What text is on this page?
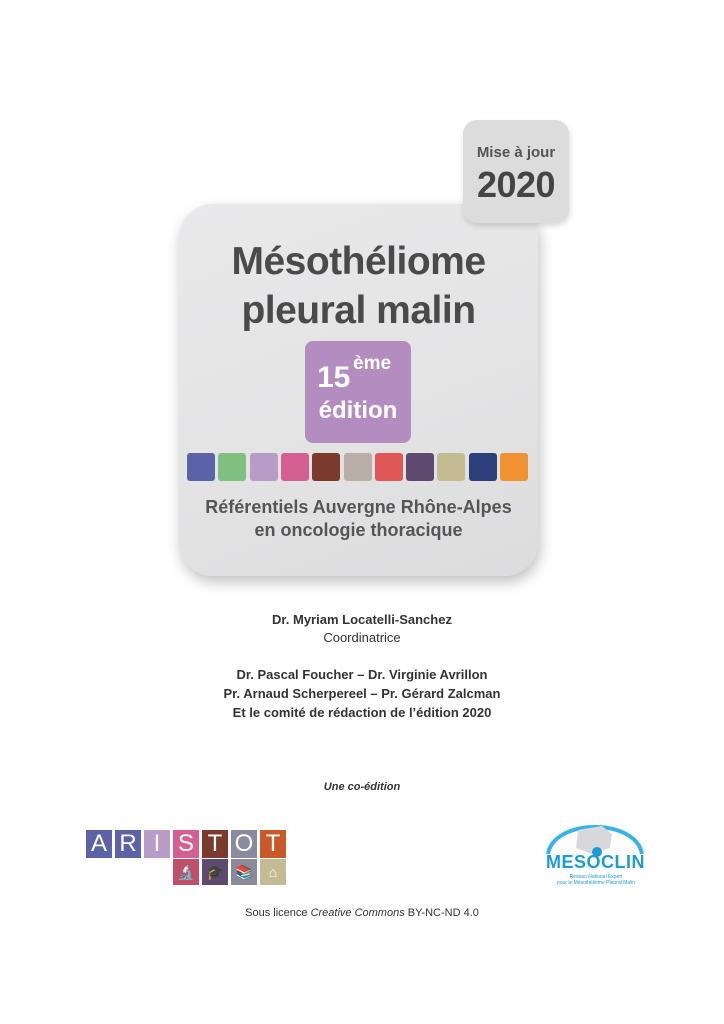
Mise à jour
2020
Mésothéliome
pleural malin
15 ème
édition
Référentiels Auvergne Rhône-Alpes
en oncologie thoracique
Dr. Myriam Locatelli-Sanchez
Coordinatrice
Dr. Pascal Foucher – Dr. Virginie Avrillon
Pr. Arnaud Scherpereel – Pr. Gérard Zalcman
Et le comité de rédaction de l’édition 2020
Une co-édition
A R I S T O T
🔬 🎓 📚	⌂	MESOCLIN
Réseau National Expert
pour le Mésothéliome Pleural Malin
Sous licence Creative Commons BY-NC-ND 4.0
